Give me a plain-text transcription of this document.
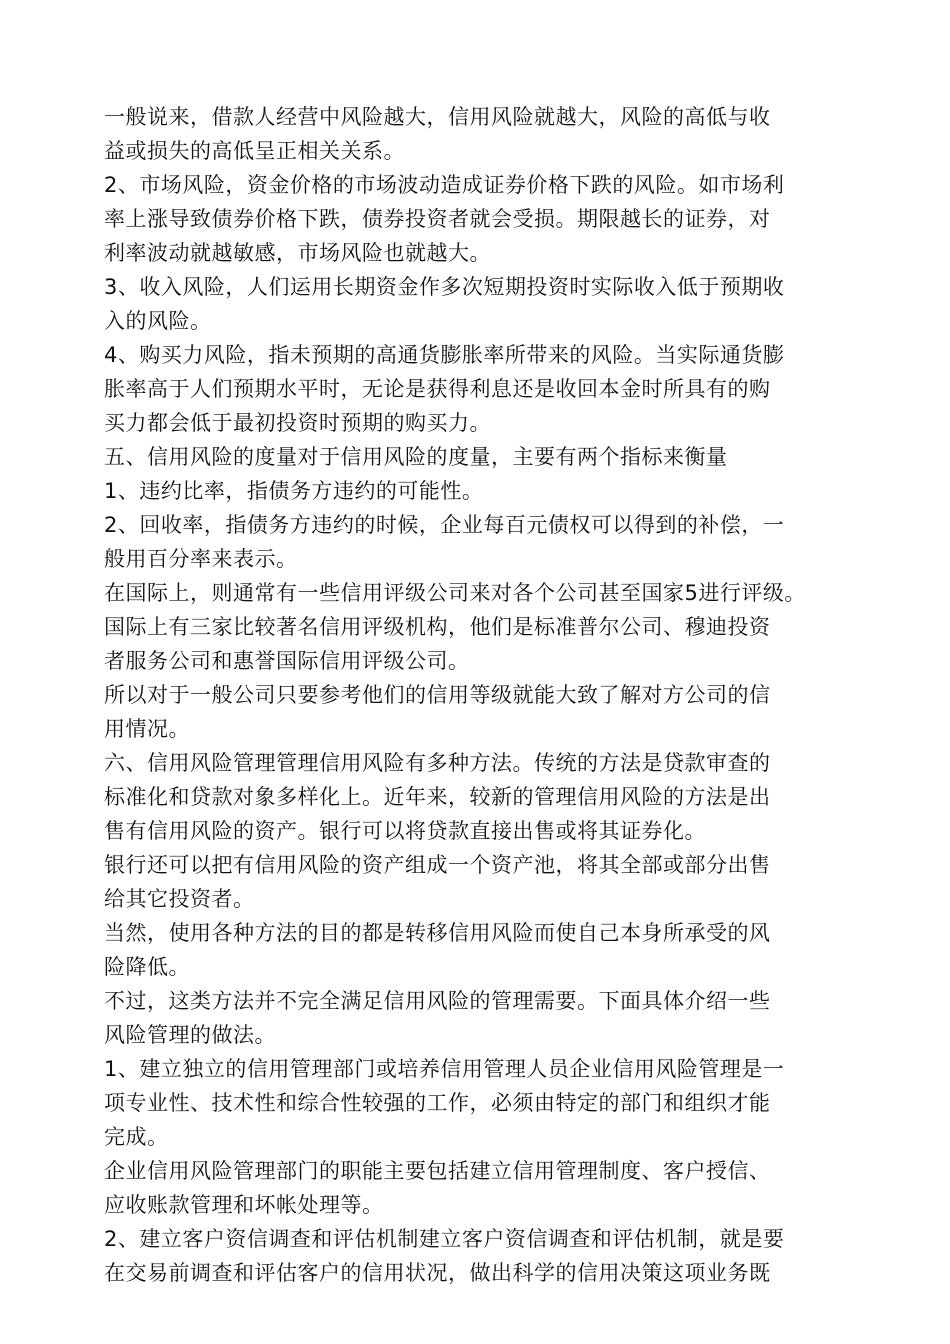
一般说来，借款人经营中风险越大，信用风险就越大，风险的高低与收
益或损失的高低呈正相关关系。
2、市场风险，资金价格的市场波动造成证券价格下跌的风险。如市场利
率上涨导致债券价格下跌，债券投资者就会受损。期限越长的证券，对
利率波动就越敏感，市场风险也就越大。
3、收入风险，人们运用长期资金作多次短期投资时实际收入低于预期收
入的风险。
4、购买力风险，指未预期的高通货膨胀率所带来的风险。当实际通货膨
胀率高于人们预期水平时，无论是获得利息还是收回本金时所具有的购
买力都会低于最初投资时预期的购买力。
五、信用风险的度量对于信用风险的度量，主要有两个指标来衡量
1、违约比率，指债务方违约的可能性。
2、回收率，指债务方违约的时候，企业每百元债权可以得到的补偿，一
般用百分率来表示。
在国际上，则通常有一些信用评级公司来对各个公司甚至国家5进行评级。
国际上有三家比较著名信用评级机构，他们是标准普尔公司、穆迪投资
者服务公司和惠誉国际信用评级公司。
所以对于一般公司只要参考他们的信用等级就能大致了解对方公司的信
用情况。
六、信用风险管理管理信用风险有多种方法。传统的方法是贷款审查的
标准化和贷款对象多样化上。近年来，较新的管理信用风险的方法是出
售有信用风险的资产。银行可以将贷款直接出售或将其证券化。
银行还可以把有信用风险的资产组成一个资产池，将其全部或部分出售
给其它投资者。
当然，使用各种方法的目的都是转移信用风险而使自己本身所承受的风
险降低。
不过，这类方法并不完全满足信用风险的管理需要。下面具体介绍一些
风险管理的做法。
1、建立独立的信用管理部门或培养信用管理人员企业信用风险管理是一
项专业性、技术性和综合性较强的工作，必须由特定的部门和组织才能
完成。
企业信用风险管理部门的职能主要包括建立信用管理制度、客户授信、
应收账款管理和坏帐处理等。
2、建立客户资信调查和评估机制建立客户资信调查和评估机制，就是要
在交易前调查和评估客户的信用状况，做出科学的信用决策这项业务既
